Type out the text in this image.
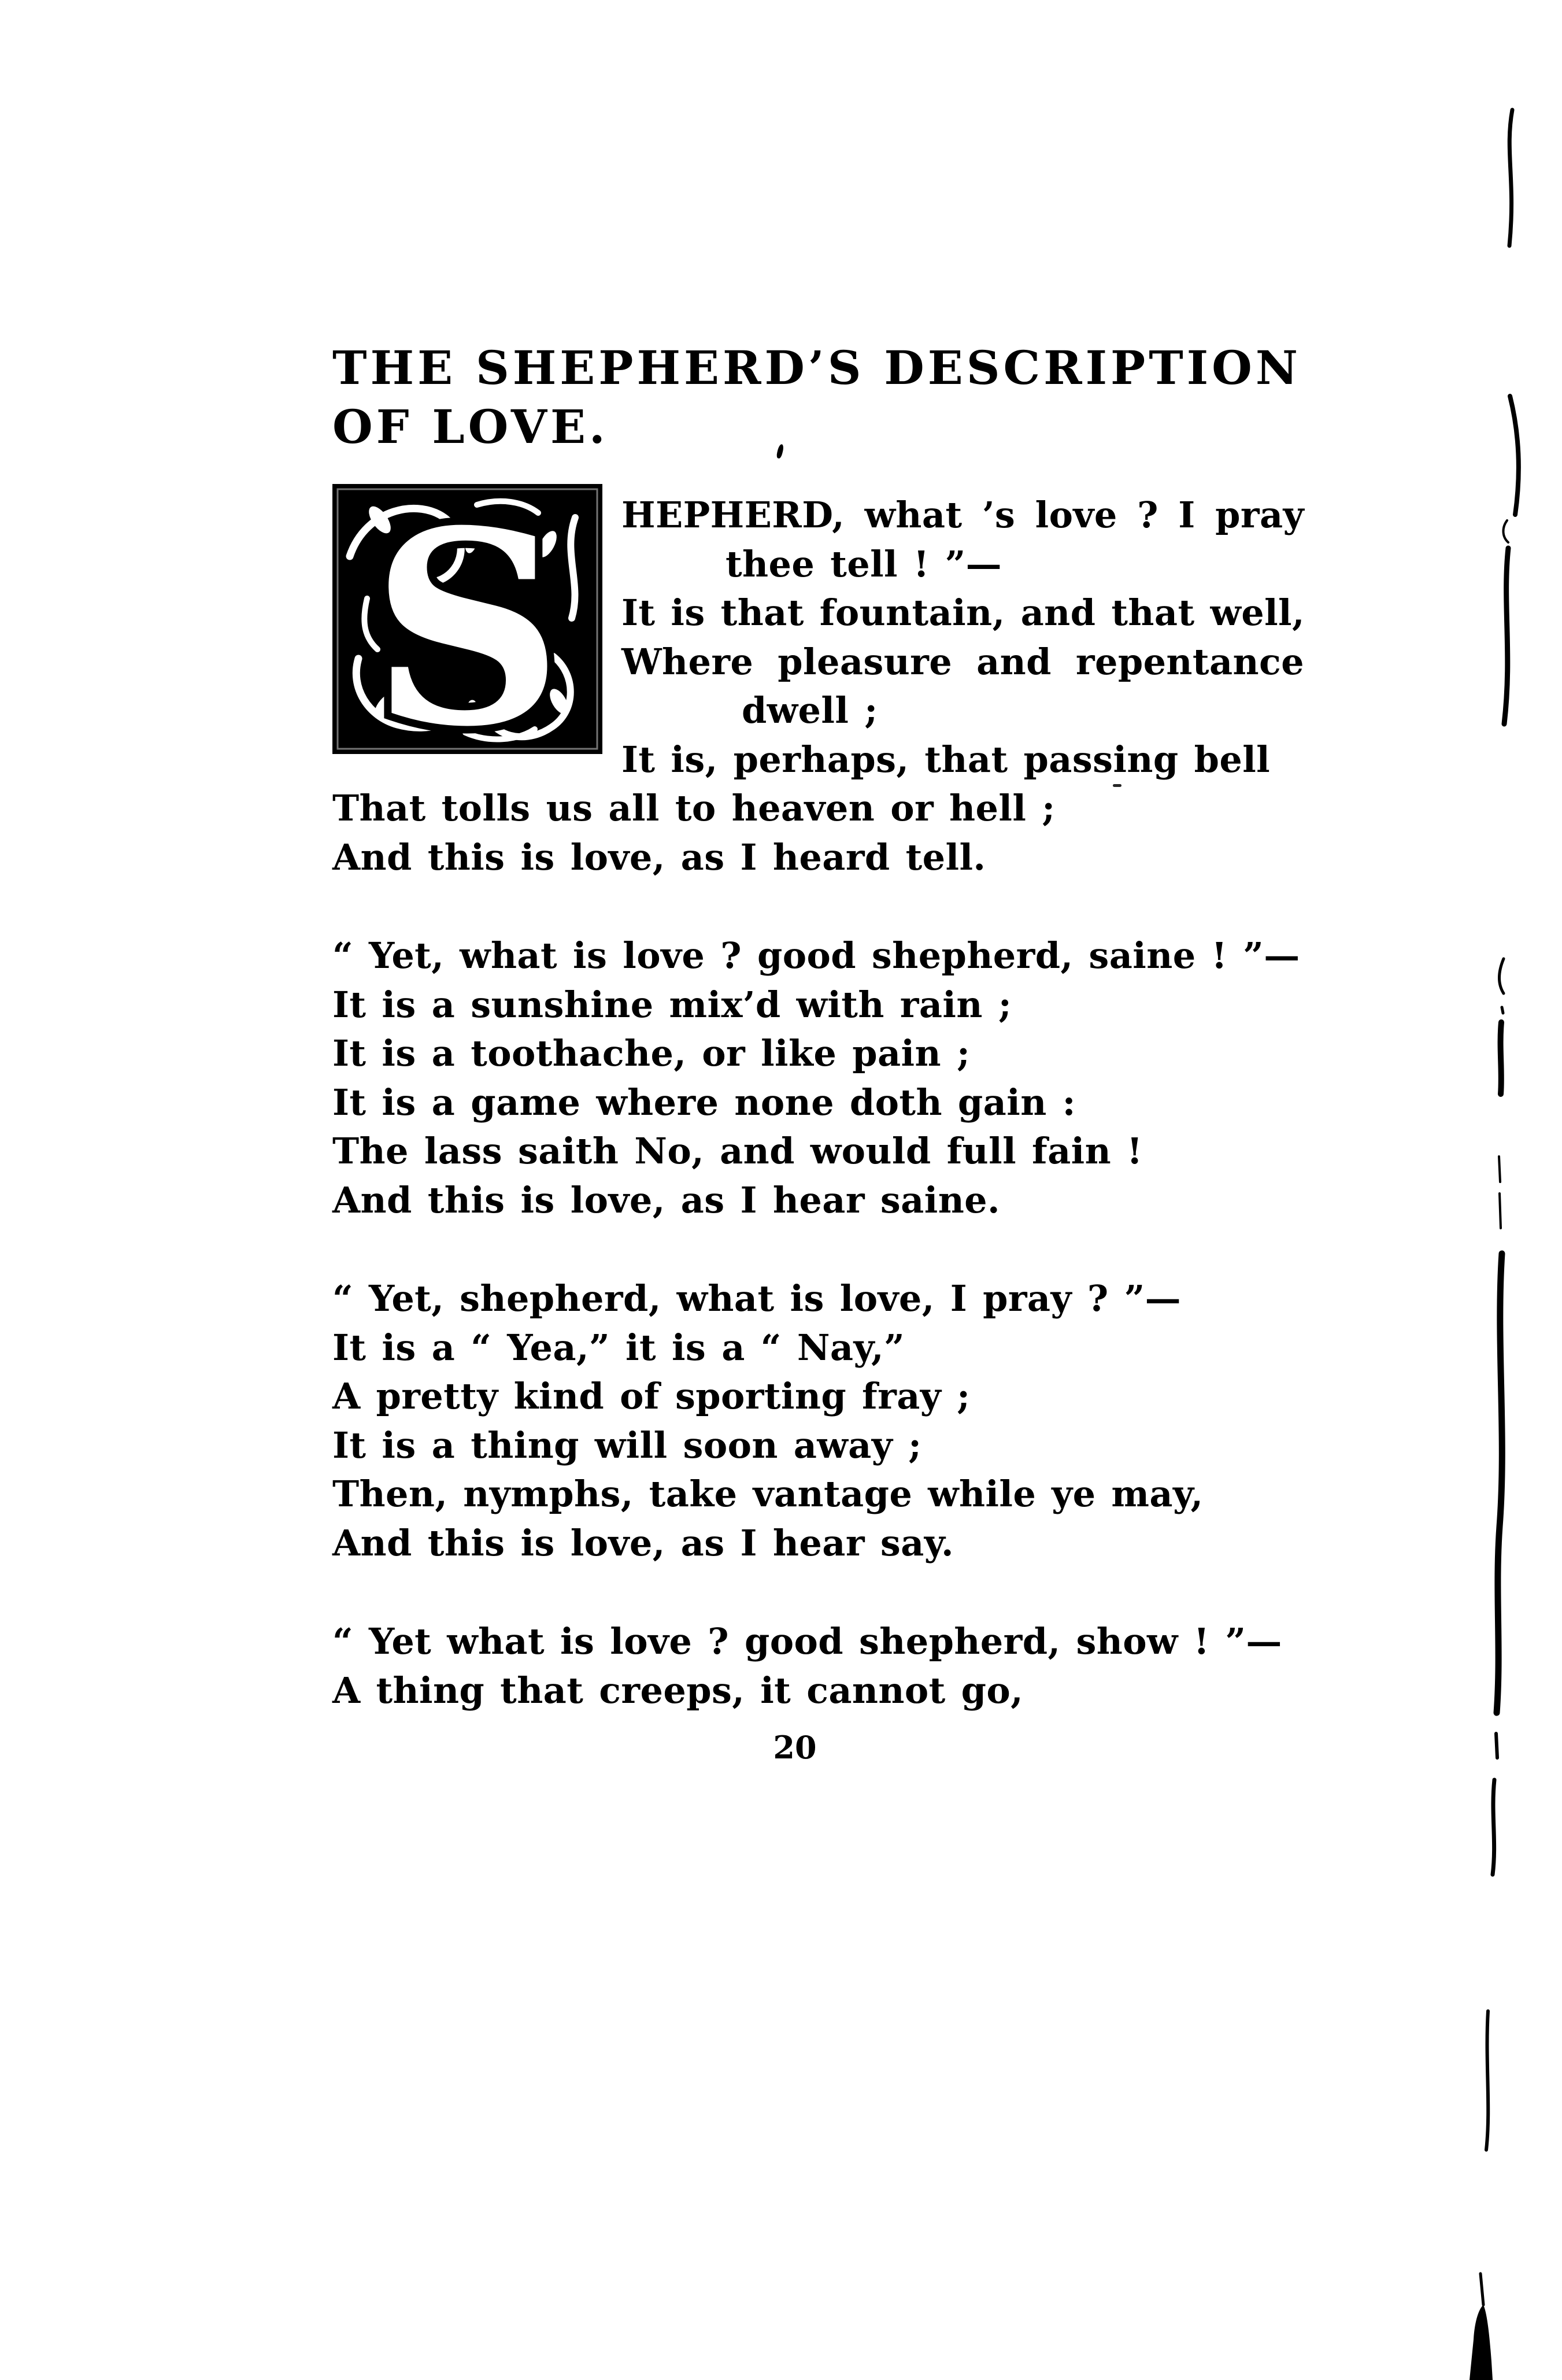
THE SHEPHERD’S DESCRIPTION
OF LOVE.
S	HEPHERD, what ’s love ? I pray
thee tell ! ”—
It is that fountain, and that well,
Where pleasure and repentance
dwell ;
It is, perhaps, that passing bell
That tolls us all to heaven or hell ;
And this is love, as I heard tell.
“ Yet, what is love ? good shepherd, saine ! ”—
It is a sunshine mix’d with rain ;
It is a toothache, or like pain ;
It is a game where none doth gain :
The lass saith No, and would full fain !
And this is love, as I hear saine.
“ Yet, shepherd, what is love, I pray ? ”—
It is a “ Yea,” it is a “ Nay,”
A pretty kind of sporting fray ;
It is a thing will soon away ;
Then, nymphs, take vantage while ye may,
And this is love, as I hear say.
“ Yet what is love ? good shepherd, show ! ”—
A thing that creeps, it cannot go,
20
